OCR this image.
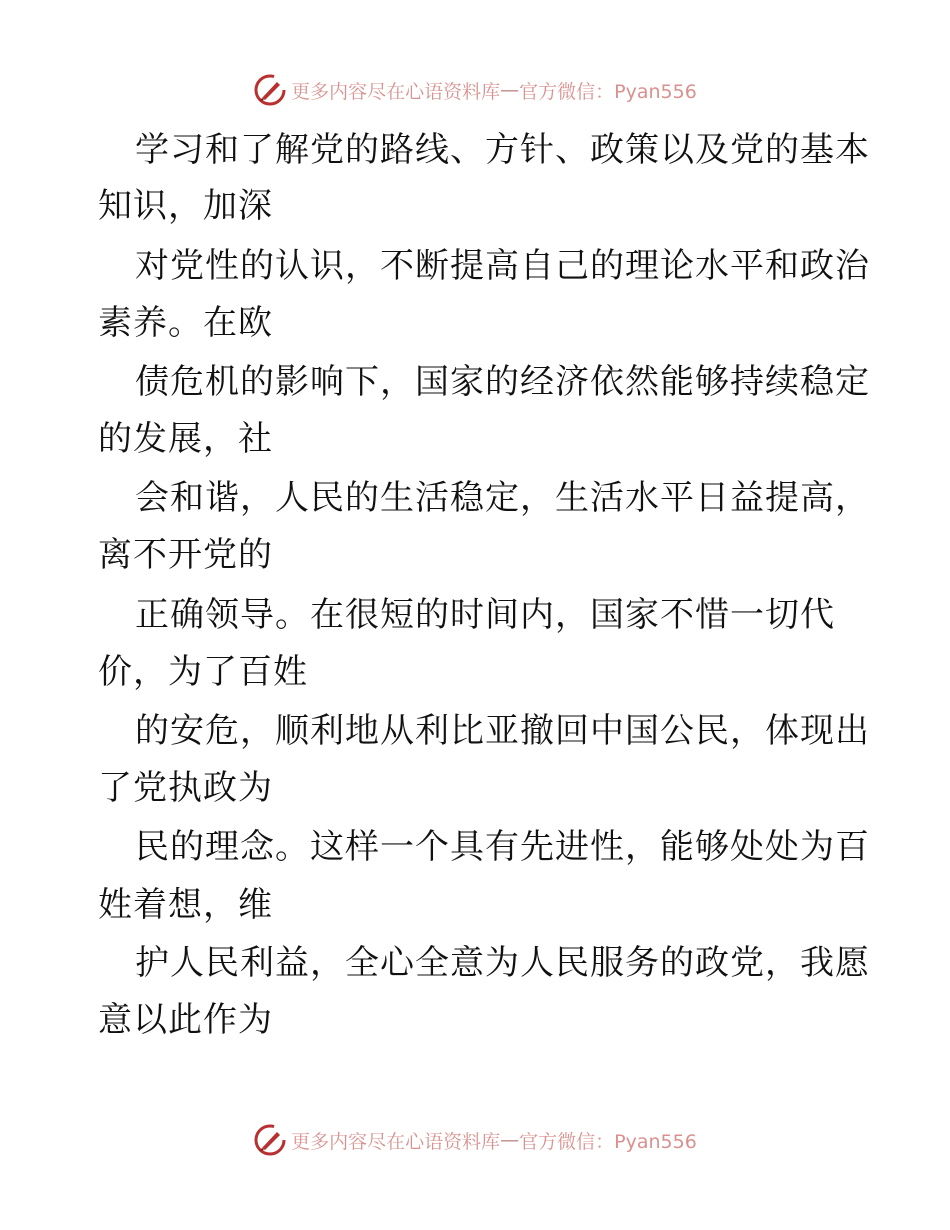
更多内容尽在心语资料库 — 官方微信：Pyan556
学习和了解党的路线、方针、政策以及党的基本
知识，加深
对党性的认识，不断提高自己的理论水平和政治
素养。在欧
债危机的影响下，国家的经济依然能够持续稳定
的发展，社
会和谐，人民的生活稳定，生活水平日益提高，
离不开党的
正确领导。在很短的时间内，国家不惜一切代
价，为了百姓
的安危，顺利地从利比亚撤回中国公民，体现出
了党执政为
民的理念。这样一个具有先进性，能够处处为百
姓着想，维
护人民利益，全心全意为人民服务的政党，我愿
意以此作为
更多内容尽在心语资料库 — 官方微信：Pyan556
